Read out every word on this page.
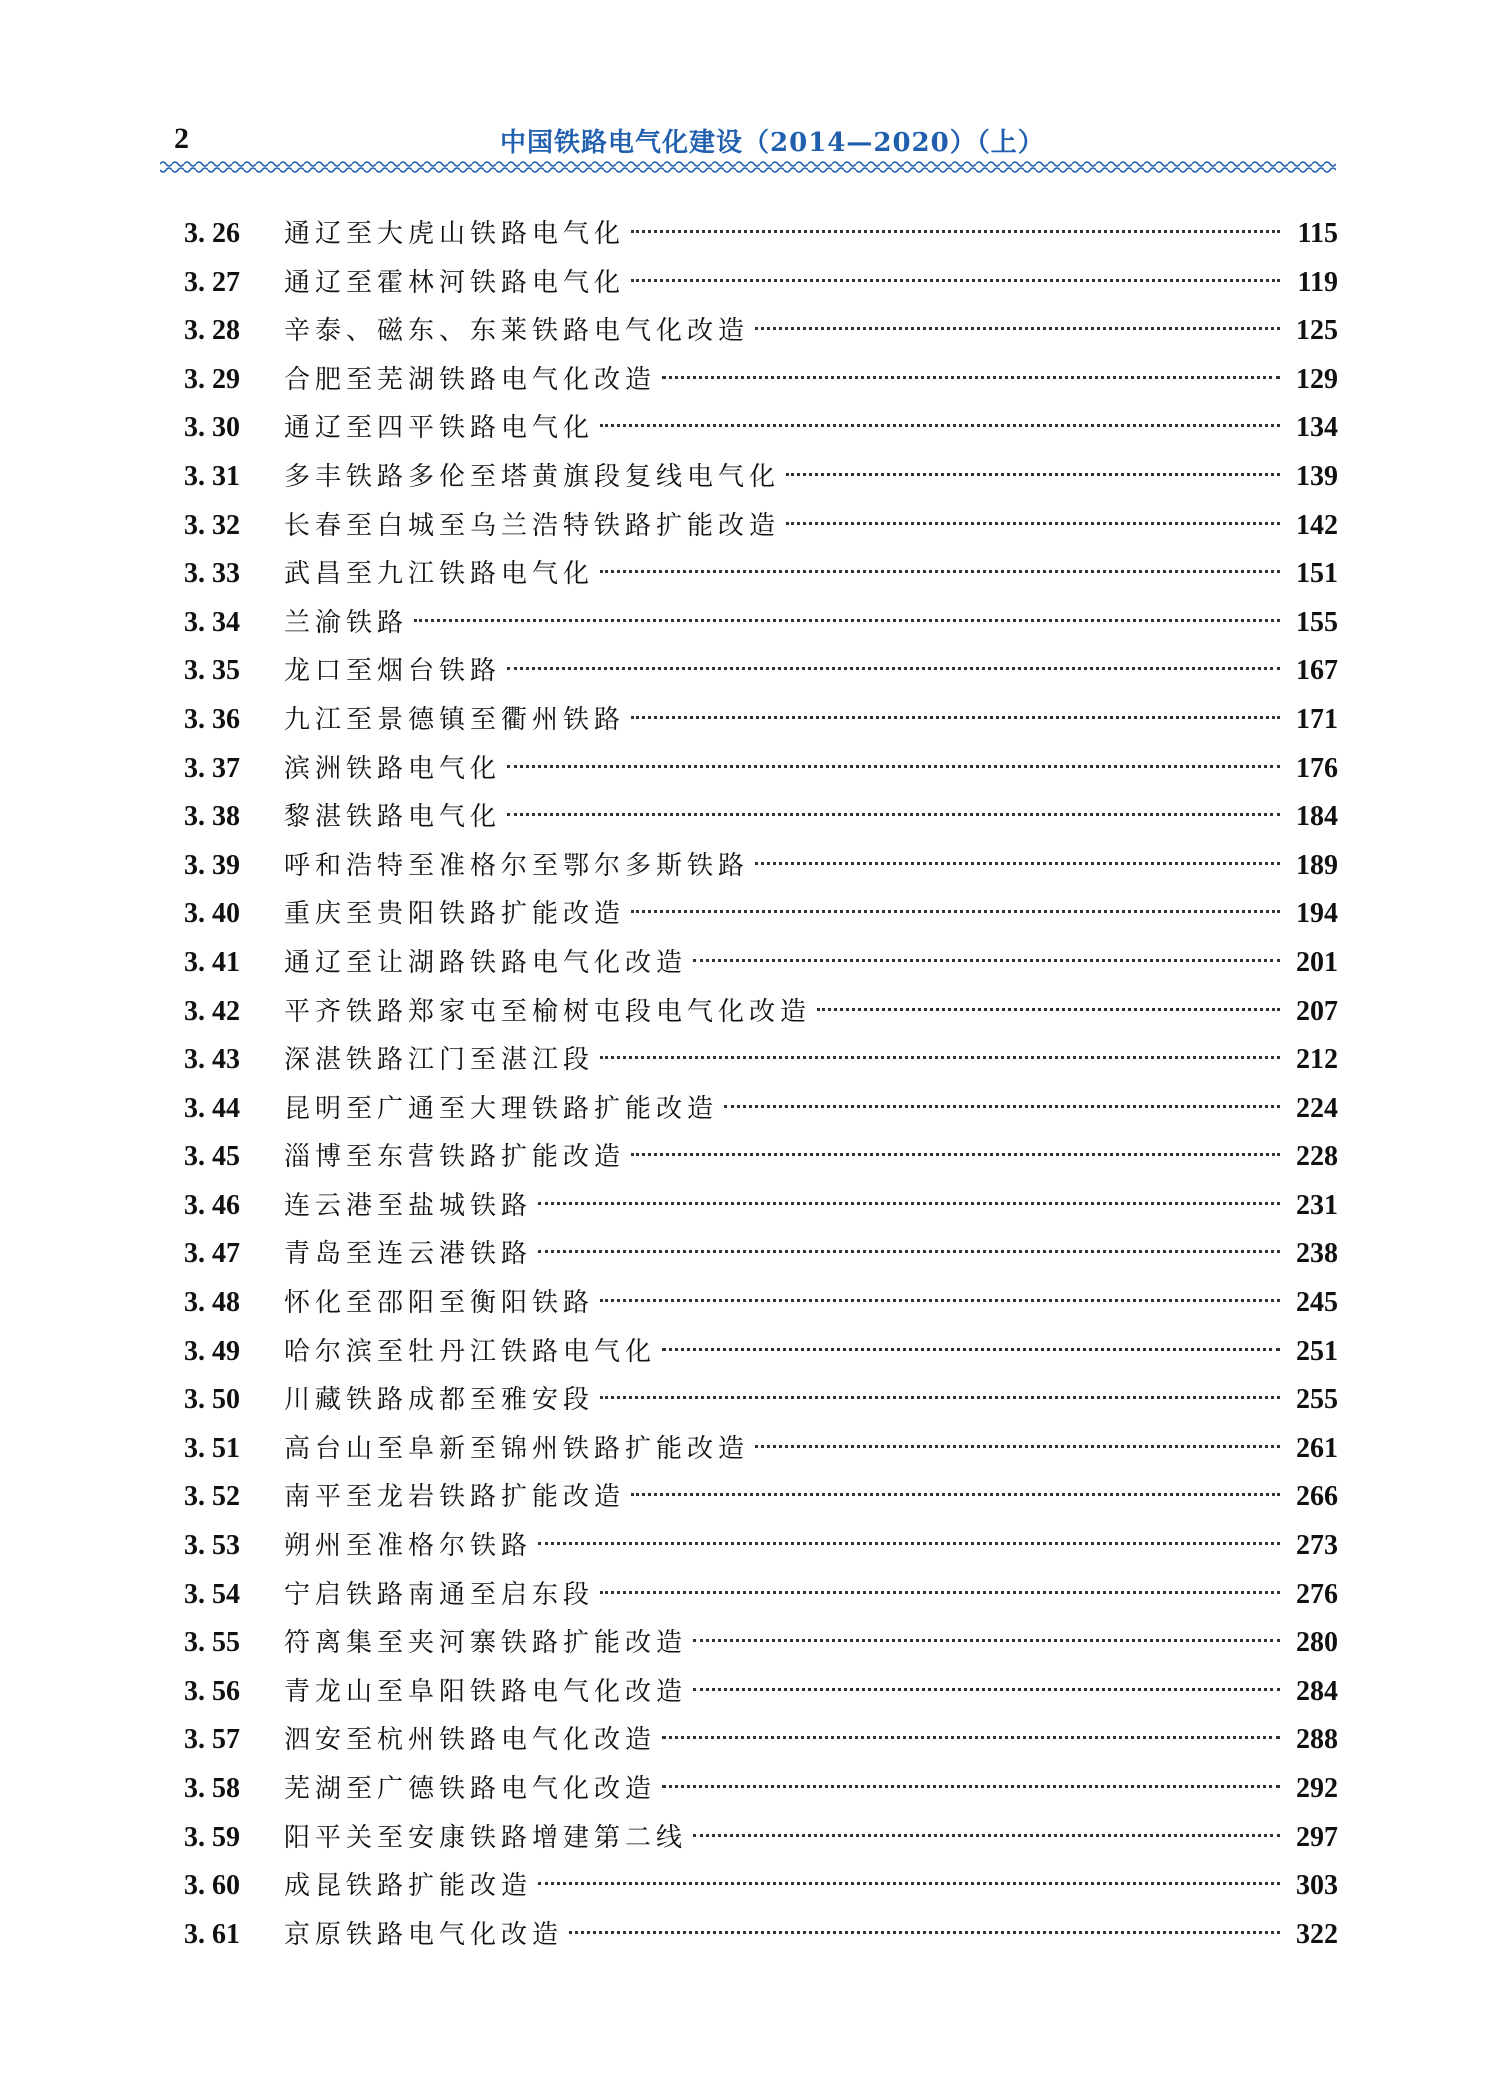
2	中国铁路电气化建设（2014—2020）（上）
3. 26	通辽至大虎山铁路电气化	115
3. 27	通辽至霍林河铁路电气化	119
3. 28	辛泰、磁东、东莱铁路电气化改造	125
3. 29	合肥至芜湖铁路电气化改造	129
3. 30	通辽至四平铁路电气化	134
3. 31	多丰铁路多伦至塔黄旗段复线电气化	139
3. 32	长春至白城至乌兰浩特铁路扩能改造	142
3. 33	武昌至九江铁路电气化	151
3. 34	兰渝铁路	155
3. 35	龙口至烟台铁路	167
3. 36	九江至景德镇至衢州铁路	171
3. 37	滨洲铁路电气化	176
3. 38	黎湛铁路电气化	184
3. 39	呼和浩特至准格尔至鄂尔多斯铁路	189
3. 40	重庆至贵阳铁路扩能改造	194
3. 41	通辽至让湖路铁路电气化改造	201
3. 42	平齐铁路郑家屯至榆树屯段电气化改造	207
3. 43	深湛铁路江门至湛江段	212
3. 44	昆明至广通至大理铁路扩能改造	224
3. 45	淄博至东营铁路扩能改造	228
3. 46	连云港至盐城铁路	231
3. 47	青岛至连云港铁路	238
3. 48	怀化至邵阳至衡阳铁路	245
3. 49	哈尔滨至牡丹江铁路电气化	251
3. 50	川藏铁路成都至雅安段	255
3. 51	高台山至阜新至锦州铁路扩能改造	261
3. 52	南平至龙岩铁路扩能改造	266
3. 53	朔州至准格尔铁路	273
3. 54	宁启铁路南通至启东段	276
3. 55	符离集至夹河寨铁路扩能改造	280
3. 56	青龙山至阜阳铁路电气化改造	284
3. 57	泗安至杭州铁路电气化改造	288
3. 58	芜湖至广德铁路电气化改造	292
3. 59	阳平关至安康铁路增建第二线	297
3. 60	成昆铁路扩能改造	303
3. 61	京原铁路电气化改造	322
